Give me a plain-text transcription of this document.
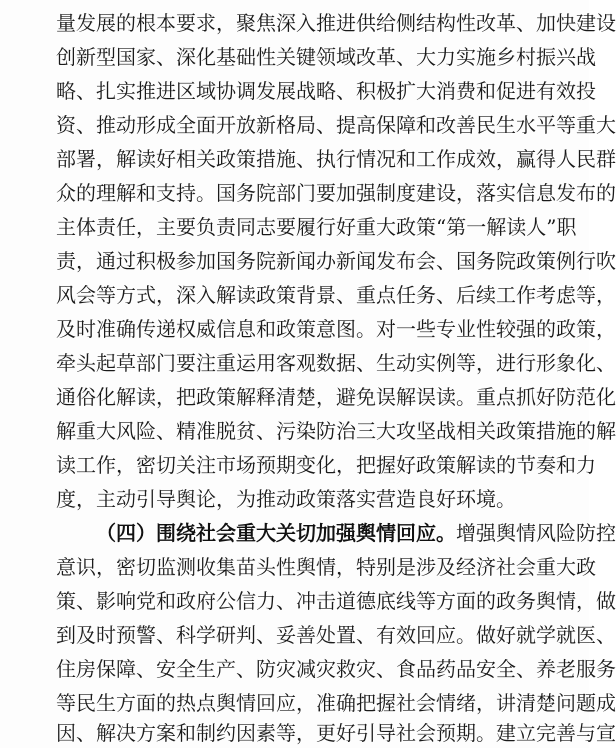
量发展的根本要求，聚焦深入推进供给侧结构性改革、加快建设
创新型国家、深化基础性关键领域改革、大力实施乡村振兴战
略、扎实推进区域协调发展战略、积极扩大消费和促进有效投
资、推动形成全面开放新格局、提高保障和改善民生水平等重大
部署，解读好相关政策措施、执行情况和工作成效，赢得人民群
众的理解和支持。国务院部门要加强制度建设，落实信息发布的
主体责任，主要负责同志要履行好重大政策“第一解读人”职
责，通过积极参加国务院新闻办新闻发布会、国务院政策例行吹
风会等方式，深入解读政策背景、重点任务、后续工作考虑等，
及时准确传递权威信息和政策意图。对一些专业性较强的政策，
牵头起草部门要注重运用客观数据、生动实例等，进行形象化、
通俗化解读，把政策解释清楚，避免误解误读。重点抓好防范化
解重大风险、精准脱贫、污染防治三大攻坚战相关政策措施的解
读工作，密切关注市场预期变化，把握好政策解读的节奏和力
度，主动引导舆论，为推动政策落实营造良好环境。
（四）围绕社会重大关切加强舆情回应。增强舆情风险防控
意识，密切监测收集苗头性舆情，特别是涉及经济社会重大政
策、影响党和政府公信力、冲击道德底线等方面的政务舆情，做
到及时预警、科学研判、妥善处置、有效回应。做好就学就医、
住房保障、安全生产、防灾减灾救灾、食品药品安全、养老服务
等民生方面的热点舆情回应，准确把握社会情绪，讲清楚问题成
因、解决方案和制约因素等，更好引导社会预期。建立完善与宣
